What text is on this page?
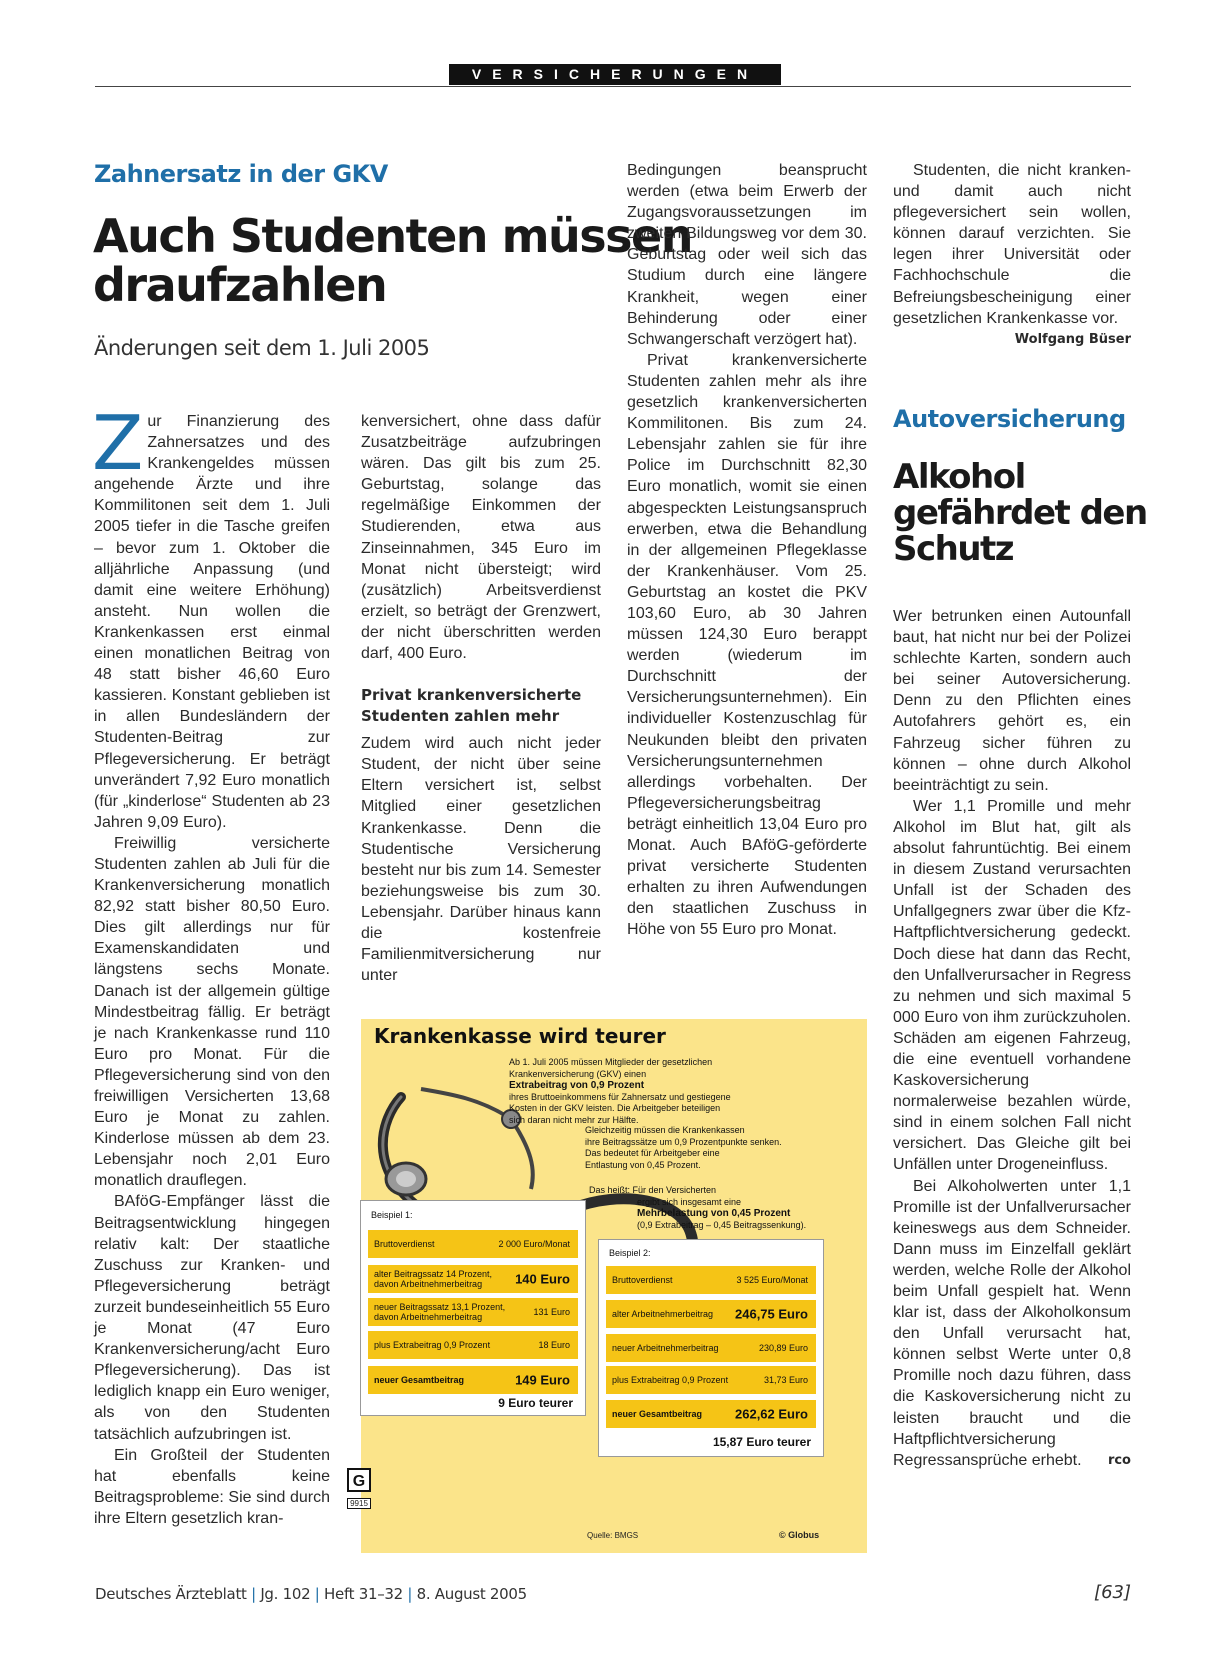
VERSICHERUNGEN
Zahnersatz in der GKV
Auch Studenten müssen
draufzahlen
Änderungen seit dem 1. Juli 2005

Zur Finanzierung des Zahnersatzes und des Krankengeldes müssen angehende Ärzte und ihre Kommilitonen seit dem 1. Juli 2005 tiefer in die Tasche greifen – bevor zum 1. Oktober die alljährliche Anpassung (und damit eine weitere Erhöhung) ansteht. Nun wollen die Krankenkassen erst einmal einen monatlichen Beitrag von 48 statt bisher 46,60 Euro kassieren. Konstant geblieben ist in allen Bundesländern der Studenten-Beitrag zur Pflegeversicherung. Er beträgt unverändert 7,92 Euro monatlich (für „kinderlose“ Studenten ab 23 Jahren 9,09 Euro).

Freiwillig versicherte Studenten zahlen ab Juli für die Krankenversicherung monatlich 82,92 statt bisher 80,50 Euro. Dies gilt allerdings nur für Examenskandidaten und längstens sechs Monate. Danach ist der allgemein gültige Mindestbeitrag fällig. Er beträgt je nach Krankenkasse rund 110 Euro pro Monat. Für die Pflegeversicherung sind von den freiwilligen Versicherten 13,68 Euro je Monat zu zahlen. Kinderlose müssen ab dem 23. Lebensjahr noch 2,01 Euro monatlich drauflegen.

BAföG-Empfänger lässt die Beitragsentwicklung hingegen relativ kalt: Der staatliche Zuschuss zur Kranken- und Pflegeversicherung beträgt zurzeit bundeseinheitlich 55 Euro je Monat (47 Euro Krankenversicherung/acht Euro Pflegeversicherung). Das ist lediglich knapp ein Euro weniger, als von den Studenten tatsächlich aufzubringen ist.

Ein Großteil der Studenten hat ebenfalls keine Beitragsprobleme: Sie sind durch ihre Eltern gesetzlich kran-

kenversichert, ohne dass dafür Zusatzbeiträge aufzubringen wären. Das gilt bis zum 25. Geburtstag, solange das regelmäßige Einkommen der Studierenden, etwa aus Zinseinnahmen, 345 Euro im Monat nicht übersteigt; wird (zusätzlich) Arbeitsverdienst erzielt, so beträgt der Grenzwert, der nicht überschritten werden darf, 400 Euro.

Privat krankenversicherte Studenten zahlen mehr

Zudem wird auch nicht jeder Student, der nicht über seine Eltern versichert ist, selbst Mitglied einer gesetzlichen Krankenkasse. Denn die Studentische Versicherung besteht nur bis zum 14. Semester beziehungsweise bis zum 30. Lebensjahr. Darüber hinaus kann die kostenfreie Familienmitversicherung nur unter

Bedingungen beansprucht werden (etwa beim Erwerb der Zugangsvoraussetzungen im zweiten Bildungsweg vor dem 30. Geburtstag oder weil sich das Studium durch eine längere Krankheit, wegen einer Behinderung oder einer Schwangerschaft verzögert hat).

Privat krankenversicherte Studenten zahlen mehr als ihre gesetzlich krankenversicherten Kommilitonen. Bis zum 24. Lebensjahr zahlen sie für ihre Police im Durchschnitt 82,30 Euro monatlich, womit sie einen abgespeckten Leistungsanspruch erwerben, etwa die Behandlung in der allgemeinen Pflegeklasse der Krankenhäuser. Vom 25. Geburtstag an kostet die PKV 103,60 Euro, ab 30 Jahren müssen 124,30 Euro berappt werden (wiederum im Durchschnitt der Versicherungsunternehmen). Ein individueller Kostenzuschlag für Neukunden bleibt den privaten Versicherungsunternehmen allerdings vorbehalten. Der Pflegeversicherungsbeitrag beträgt einheitlich 13,04 Euro pro Monat. Auch BAföG-geförderte privat versicherte Studenten erhalten zu ihren Aufwendungen den staatlichen Zuschuss in Höhe von 55 Euro pro Monat.

Studenten, die nicht kranken- und damit auch nicht pflegeversichert sein wollen, können darauf verzichten. Sie legen ihrer Universität oder Fachhochschule die Befreiungsbescheinigung einer gesetzlichen Krankenkasse vor.
Wolfgang Büser

Autoversicherung
Alkohol
gefährdet den
Schutz

Wer betrunken einen Autounfall baut, hat nicht nur bei der Polizei schlechte Karten, sondern auch bei seiner Autoversicherung. Denn zu den Pflichten eines Autofahrers gehört es, ein Fahrzeug sicher führen zu können – ohne durch Alkohol beeinträchtigt zu sein.

Wer 1,1 Promille und mehr Alkohol im Blut hat, gilt als absolut fahruntüchtig. Bei einem in diesem Zustand verursachten Unfall ist der Schaden des Unfallgegners zwar über die Kfz-Haftpflichtversicherung gedeckt. Doch diese hat dann das Recht, den Unfallverursacher in Regress zu nehmen und sich maximal 5 000 Euro von ihm zurückzuholen. Schäden am eigenen Fahrzeug, die eine eventuell vorhandene Kaskoversicherung normalerweise bezahlen würde, sind in einem solchen Fall nicht versichert. Das Gleiche gilt bei Unfällen unter Drogeneinfluss.

Bei Alkoholwerten unter 1,1 Promille ist der Unfallverursacher keineswegs aus dem Schneider. Dann muss im Einzelfall geklärt werden, welche Rolle der Alkohol beim Unfall gespielt hat. Wenn klar ist, dass der Alkoholkonsum den Unfall verursacht hat, können selbst Werte unter 0,8 Promille noch dazu führen, dass die Kaskoversicherung nicht zu leisten braucht und die Haftpflichtversicherung Regressansprüche erhebt.	rco

Krankenkasse wird teurer
Ab 1. Juli 2005 müssen Mitglieder der gesetzlichen
Krankenversicherung (GKV) einen
Extrabeitrag von 0,9 Prozent
ihres Bruttoeinkommens für Zahnersatz und gestiegene
Kosten in der GKV leisten. Die Arbeitgeber beteiligen
sich daran nicht mehr zur Hälfte.
Gleichzeitig müssen die Krankenkassen
ihre Beitragssätze um 0,9 Prozentpunkte senken.
Das bedeutet für Arbeitgeber eine
Entlastung von 0,45 Prozent.
Das heißt: Für den Versicherten
ergibt sich insgesamt eine
Mehrbelastung von 0,45 Prozent
(0,9 Extrabeitrag – 0,45 Beitragssenkung).
Beispiel 1:
Bruttoverdienst	2 000 Euro/Monat
alter Beitragssatz 14 Prozent, davon Arbeitnehmerbeitrag	140 Euro
neuer Beitragssatz 13,1 Prozent, davon Arbeitnehmerbeitrag	131 Euro
plus Extrabeitrag 0,9 Prozent	18 Euro
neuer Gesamtbeitrag	149 Euro
9 Euro teurer
Beispiel 2:
Bruttoverdienst	3 525 Euro/Monat
alter Arbeitnehmerbeitrag 246,75 Euro
neuer Arbeitnehmerbeitrag	230,89 Euro
plus Extrabeitrag 0,9 Prozent	31,73 Euro
neuer Gesamtbeitrag	262,62 Euro
15,87 Euro teurer
G
9915
Quelle: BMGS	© Globus
Deutsches Ärzteblatt | Jg. 102 | Heft 31–32 | 8. August 2005	[63]
